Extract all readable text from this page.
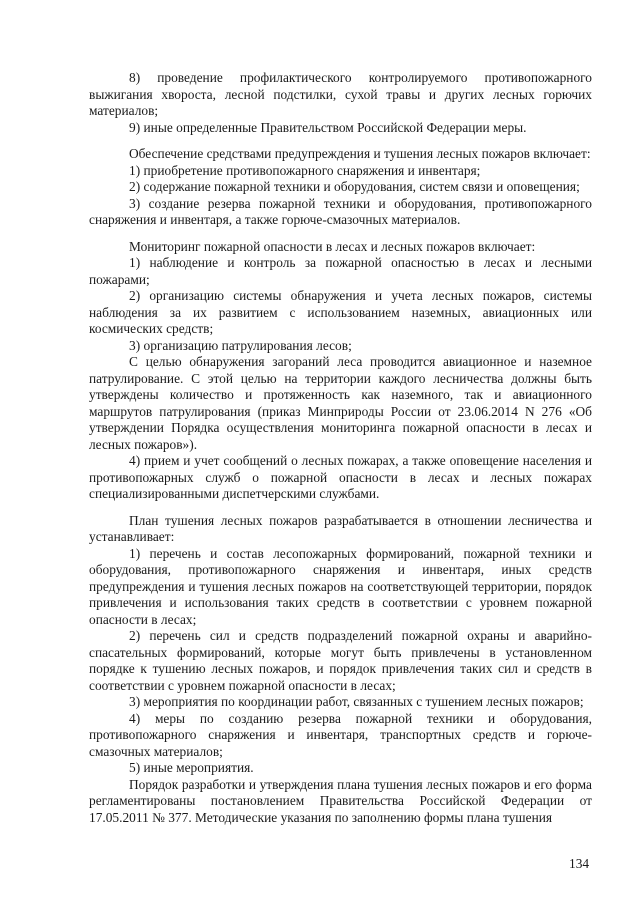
8) проведение профилактического контролируемого противопожарного выжигания хвороста, лесной подстилки, сухой травы и других лесных горючих материалов;

9) иные определенные Правительством Российской Федерации меры.

Обеспечение средствами предупреждения и тушения лесных пожаров включает:

1) приобретение противопожарного снаряжения и инвентаря;

2) содержание пожарной техники и оборудования, систем связи и оповещения;

3) создание резерва пожарной техники и оборудования, противопожарного снаряжения и инвентаря, а также горюче-смазочных материалов.

Мониторинг пожарной опасности в лесах и лесных пожаров включает:

1) наблюдение и контроль за пожарной опасностью в лесах и лесными пожарами;

2) организацию системы обнаружения и учета лесных пожаров, системы наблюдения за их развитием с использованием наземных, авиационных или космических средств;

3) организацию патрулирования лесов;

С целью обнаружения загораний леса проводится авиационное и наземное патрулирование. С этой целью на территории каждого лесничества должны быть утверждены количество и протяженность как наземного, так и авиационного маршрутов патрулирования (приказ Минприроды России от 23.06.2014 N 276 «Об утверждении Порядка осуществления мониторинга пожарной опасности в лесах и лесных пожаров»).

4) прием и учет сообщений о лесных пожарах, а также оповещение населения и противопожарных служб о пожарной опасности в лесах и лесных пожарах специализированными диспетчерскими службами.

План тушения лесных пожаров разрабатывается в отношении лесничества и устанавливает:

1) перечень и состав лесопожарных формирований, пожарной техники и оборудования, противопожарного снаряжения и инвентаря, иных средств предупреждения и тушения лесных пожаров на соответствующей территории, порядок привлечения и использования таких средств в соответствии с уровнем пожарной опасности в лесах;

2) перечень сил и средств подразделений пожарной охраны и аварийно-спасательных формирований, которые могут быть привлечены в установленном порядке к тушению лесных пожаров, и порядок привлечения таких сил и средств в соответствии с уровнем пожарной опасности в лесах;

3) мероприятия по координации работ, связанных с тушением лесных пожаров;

4) меры по созданию резерва пожарной техники и оборудования, противопожарного снаряжения и инвентаря, транспортных средств и горюче-смазочных материалов;

5) иные мероприятия.

Порядок разработки и утверждения плана тушения лесных пожаров и его форма регламентированы постановлением Правительства Российской Федерации от 17.05.2011 № 377. Методические указания по заполнению формы плана тушения

134
